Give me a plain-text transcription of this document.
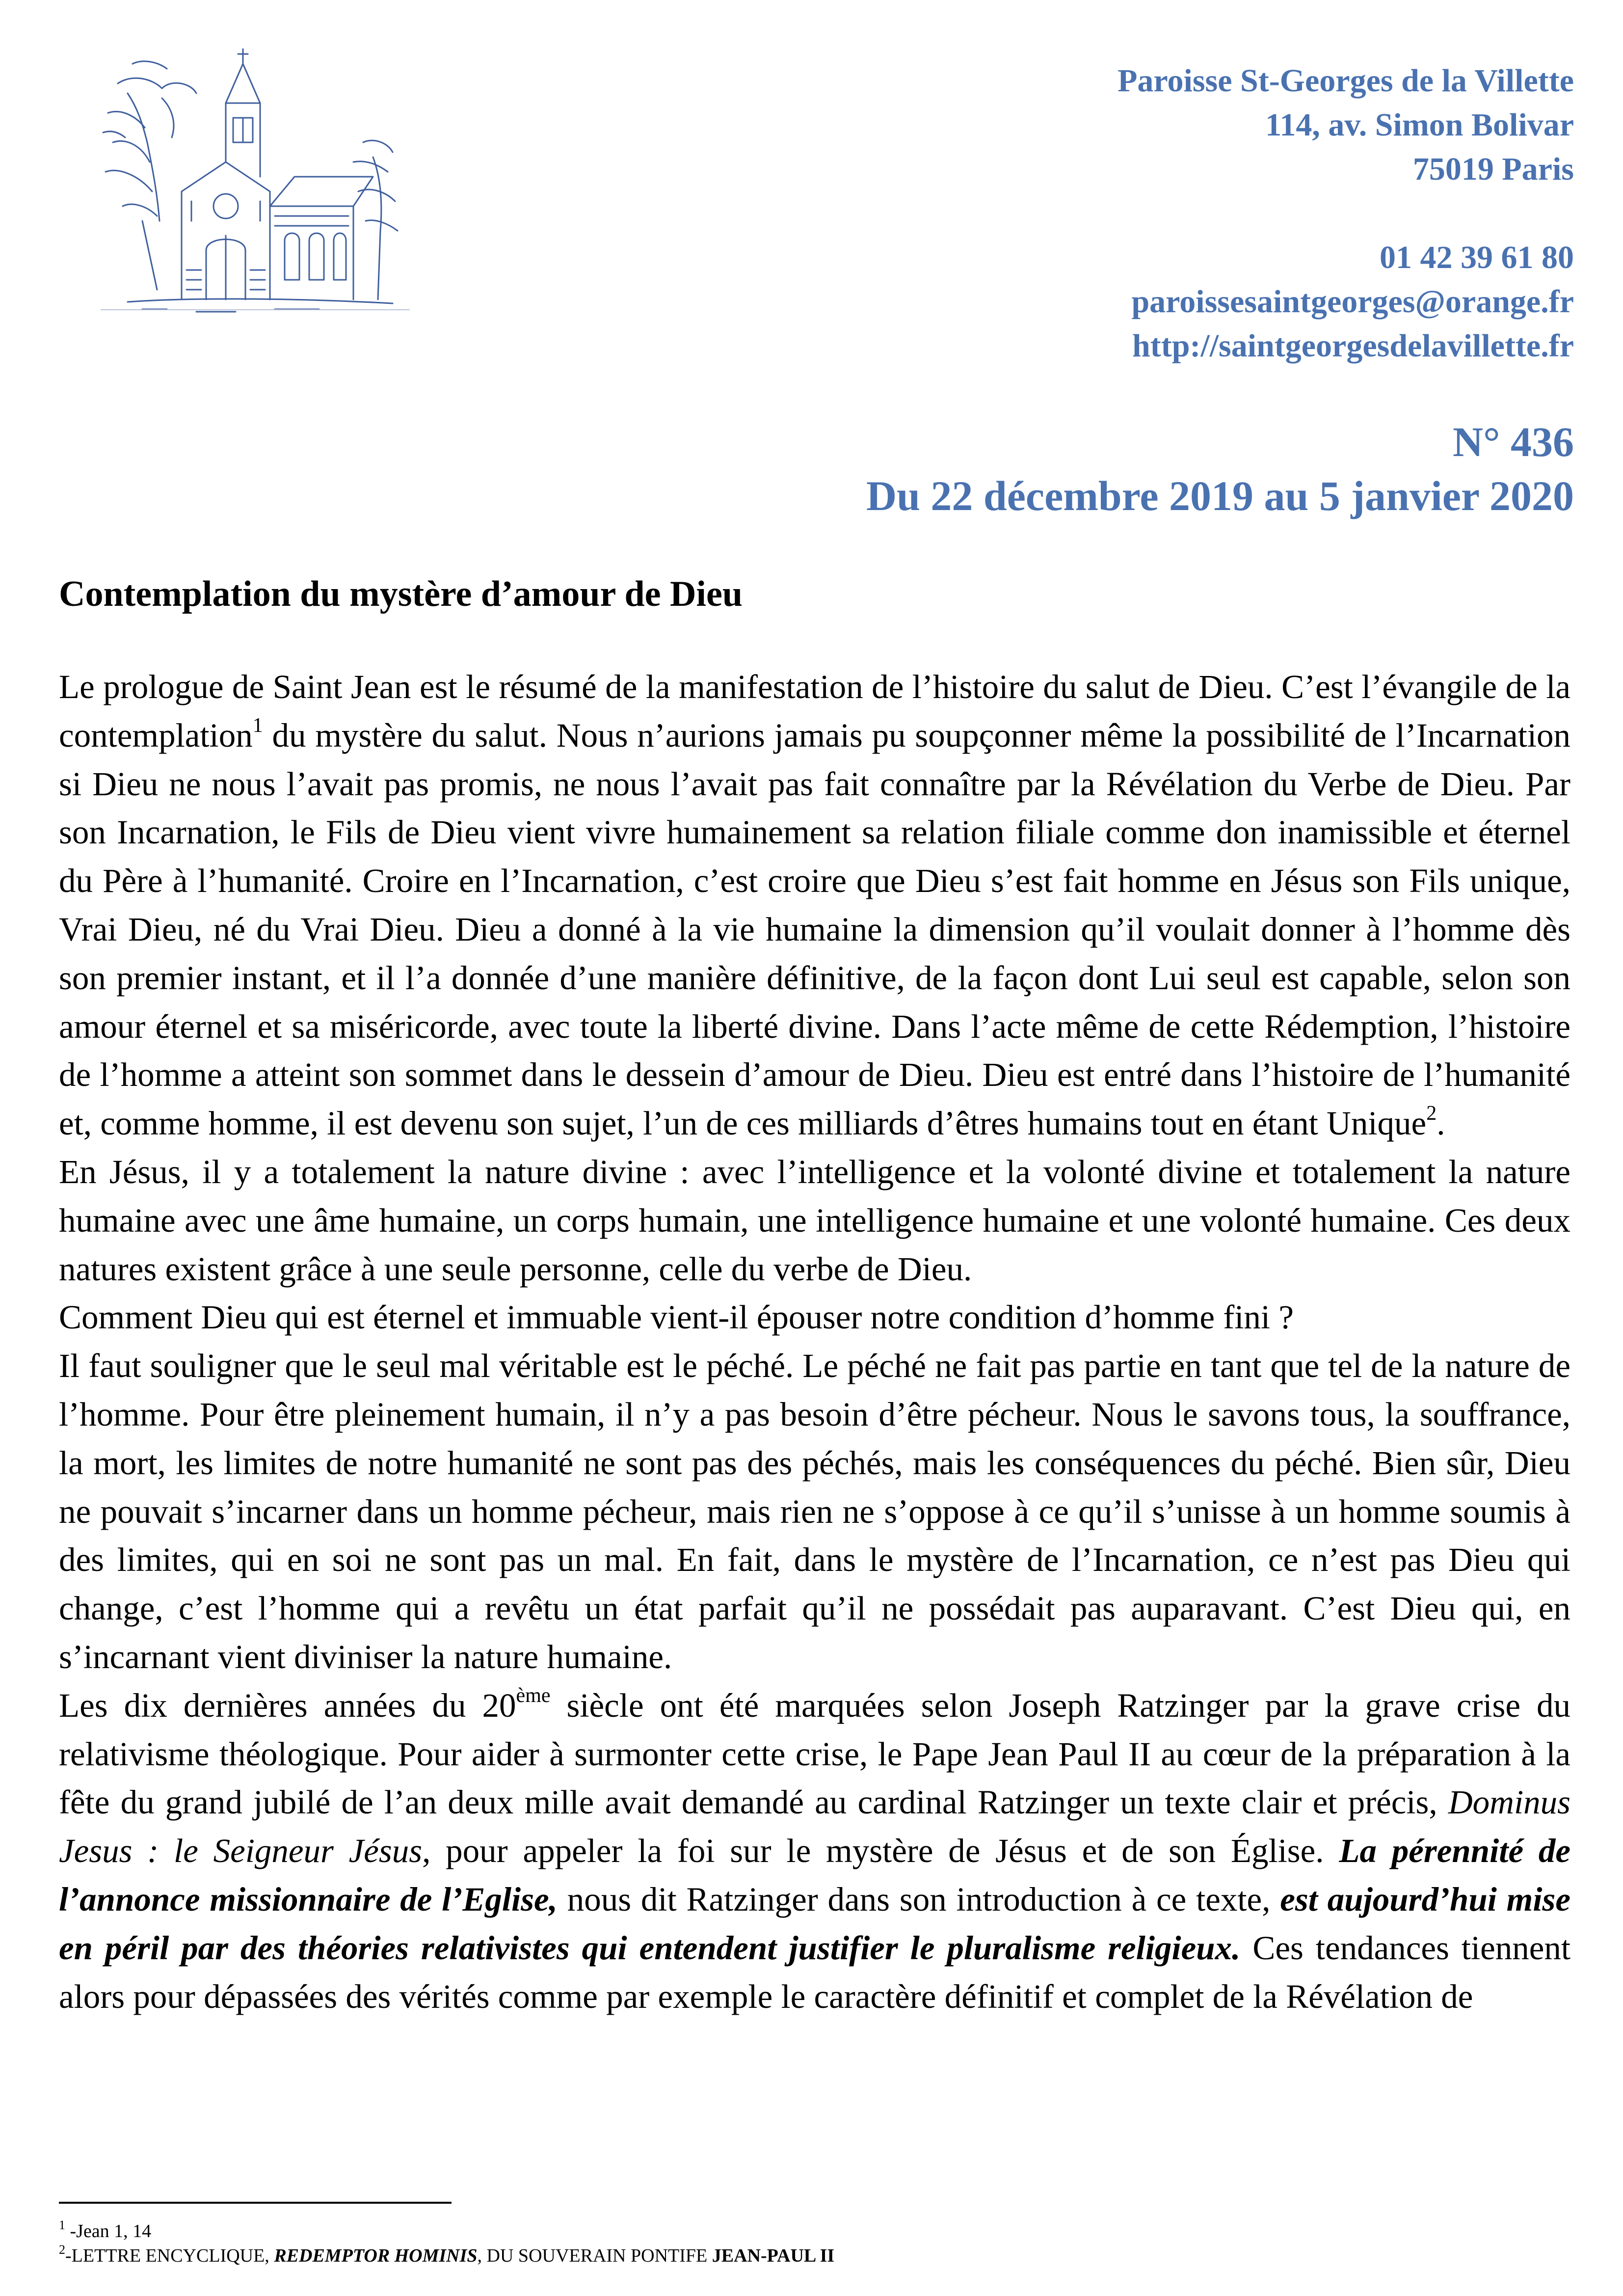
Paroisse St-Georges de la Villette
114, av. Simon Bolivar
75019 Paris
01 42 39 61 80
paroissesaintgeorges@orange.fr
http://saintgeorgesdelavillette.fr
N° 436
Du 22 décembre 2019 au 5 janvier 2020
Contemplation du mystère d’amour de Dieu

Le prologue de Saint Jean est le résumé de la manifestation de l’histoire du salut de Dieu. C’est l’évangile de la contemplation$^1$ du mystère du salut. Nous n’aurions jamais pu soupçonner même la possibilité de l’Incarnation si Dieu ne nous l’avait pas promis, ne nous l’avait pas fait connaître par la Révélation du Verbe de Dieu. Par son Incarnation, le Fils de Dieu vient vivre humainement sa relation filiale comme don inamissible et éternel du Père à l’humanité. Croire en l’Incarnation, c’est croire que Dieu s’est fait homme en Jésus son Fils unique, Vrai Dieu, né du Vrai Dieu. Dieu a donné à la vie humaine la dimension qu’il voulait donner à l’homme dès son premier instant, et il l’a donnée d’une manière définitive, de la façon dont Lui seul est capable, selon son amour éternel et sa miséricorde, avec toute la liberté divine. Dans l’acte même de cette Rédemption, l’histoire de l’homme a atteint son sommet dans le dessein d’amour de Dieu. Dieu est entré dans l’histoire de l’humanité et, comme homme, il est devenu son sujet, l’un de ces milliards d’êtres humains tout en étant Unique$^2$.

En Jésus, il y a totalement la nature divine : avec l’intelligence et la volonté divine et totalement la nature humaine avec une âme humaine, un corps humain, une intelligence humaine et une volonté humaine. Ces deux natures existent grâce à une seule personne, celle du verbe de Dieu.

Comment Dieu qui est éternel et immuable vient-il épouser notre condition d’homme fini ?

Il faut souligner que le seul mal véritable est le péché. Le péché ne fait pas partie en tant que tel de la nature de l’homme. Pour être pleinement humain, il n’y a pas besoin d’être pécheur. Nous le savons tous, la souffrance, la mort, les limites de notre humanité ne sont pas des péchés, mais les conséquences du péché. Bien sûr, Dieu ne pouvait s’incarner dans un homme pécheur, mais rien ne s’oppose à ce qu’il s’unisse à un homme soumis à des limites, qui en soi ne sont pas un mal. En fait, dans le mystère de l’Incarnation, ce n’est pas Dieu qui change, c’est l’homme qui a revêtu un état parfait qu’il ne possédait pas auparavant. C’est Dieu qui, en s’incarnant vient diviniser la nature humaine.

Les dix dernières années du 20ème siècle ont été marquées selon Joseph Ratzinger par la grave crise du relativisme théologique. Pour aider à surmonter cette crise, le Pape Jean Paul II au cœur de la préparation à la fête du grand jubilé de l’an deux mille avait demandé au cardinal Ratzinger un texte clair et précis, Dominus Jesus : le Seigneur Jésus, pour appeler la foi sur le mystère de Jésus et de son Église. La pérennité de l’annonce missionnaire de l’Eglise, nous dit Ratzinger dans son introduction à ce texte, est aujourd’hui mise en péril par des théories relativistes qui entendent justifier le pluralisme religieux. Ces tendances tiennent alors pour dépassées des vérités comme par exemple le caractère définitif et complet de la Révélation de

$^1$ -Jean 1, 14
$^2$-LETTRE ENCYCLIQUE, REDEMPTOR HOMINIS, DU SOUVERAIN PONTIFE JEAN-PAUL II
